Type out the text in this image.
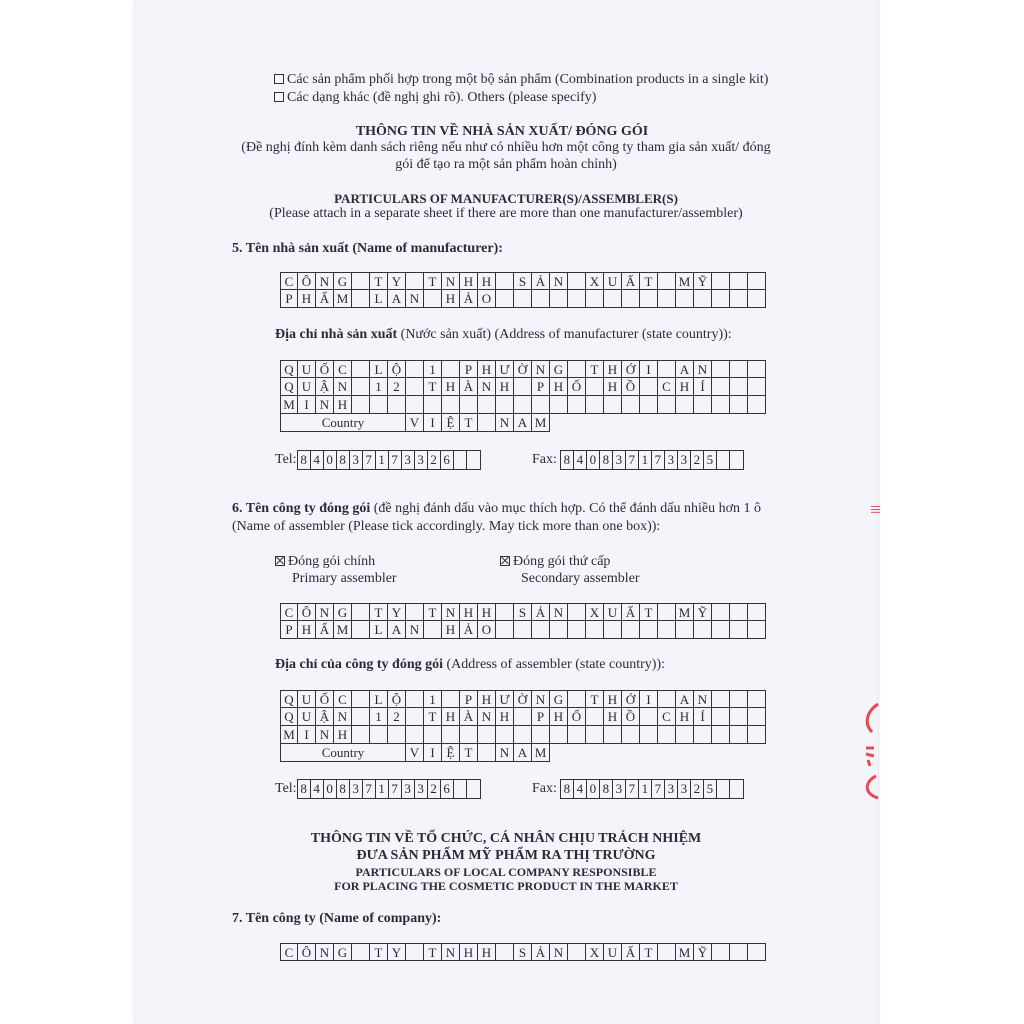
Các sản phẩm phối hợp trong một bộ sản phẩm (Combination products in a single kit)
Các dạng khác (đề nghị ghi rõ). Others (please specify)
THÔNG TIN VỀ NHÀ SẢN XUẤT/ ĐÓNG GÓI
(Đề nghị đính kèm danh sách riêng nếu như có nhiều hơn một công ty tham gia sản xuất/ đóng
gói để tạo ra một sản phẩm hoàn chỉnh)
PARTICULARS OF MANUFACTURER(S)/ASSEMBLER(S)
(Please attach in a separate sheet if there are more than one manufacturer/assembler)
5. Tên nhà sản xuất (Name of manufacturer):
C Ô N G	T Y	T N H H	S Ả N	X U Ấ T	M Ỹ
P H Ẩ M	L A N	H Ả O
Địa chỉ nhà sản xuất (Nước sản xuất) (Address of manufacturer (state country)):
Q U Ố C	L Ộ	1	P H Ư Ờ N G	T H Ớ I	A N
Q U Ậ N	1 2	T H À N H	P H Ố	H Ồ	C H Í
M I N H
Country	V I Ệ T	N A M
Tel: 8 4 0 8 3 7 1 7 3 3 2 6	Fax: 8 4 0 8 3 7 1 7 3 3 2 5
6. Tên công ty đóng gói (đề nghị đánh dấu vào mục thích hợp. Có thể đánh dấu nhiều hơn 1 ô
(Name of assembler (Please tick accordingly. May tick more than one box)):
Đóng gói chính
Primary assembler
Đóng gói thứ cấp
Secondary assembler
C Ô N G	T Y	T N H H	S Ả N	X U Ấ T	M Ỹ
P H Ẩ M	L A N	H Ả O
Địa chỉ của công ty đóng gói (Address of assembler (state country)):
Q U Ố C	L Ộ	1	P H Ư Ờ N G	T H Ớ I	A N
Q U Ậ N	1 2	T H À N H	P H Ố	H Ồ	C H Í
M I N H
Country	V I Ệ T	N A M
Tel: 8 4 0 8 3 7 1 7 3 3 2 6	Fax: 8 4 0 8 3 7 1 7 3 3 2 5
THÔNG TIN VỀ TỔ CHỨC, CÁ NHÂN CHỊU TRÁCH NHIỆM
ĐƯA SẢN PHẨM MỸ PHẨM RA THỊ TRƯỜNG
PARTICULARS OF LOCAL COMPANY RESPONSIBLE
FOR PLACING THE COSMETIC PRODUCT IN THE MARKET
7. Tên công ty (Name of company):
C Ô N G	T Y	T N H H	S Ả N	X U Ấ T	M Ỹ
ꟾꟾꟾ
